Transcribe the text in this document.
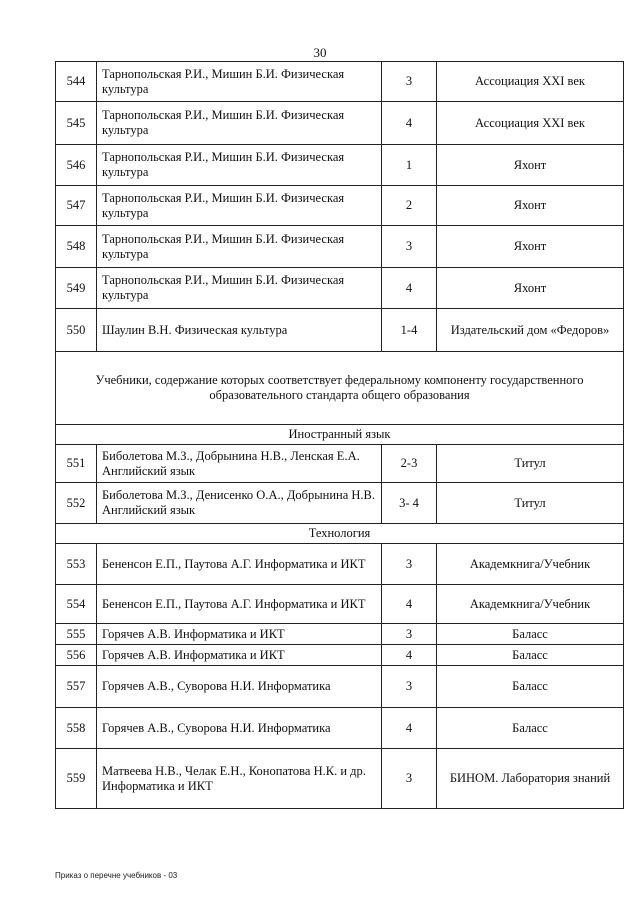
30
544	Тарнопольская Р.И., Мишин Б.И. Физическая культура	3	Ассоциация XXI век
545	Тарнопольская Р.И., Мишин Б.И. Физическая культура	4	Ассоциация XXI век
546	Тарнопольская Р.И., Мишин Б.И. Физическая культура	1	Яхонт
547	Тарнопольская Р.И., Мишин Б.И. Физическая культура	2	Яхонт
548	Тарнопольская Р.И., Мишин Б.И. Физическая культура	3	Яхонт
549	Тарнопольская Р.И., Мишин Б.И. Физическая культура	4	Яхонт
550	Шаулин В.Н. Физическая культура	1-4	Издательский дом «Федоров»
Учебники, содержание которых соответствует федеральному компоненту государственного образовательного стандарта общего образования			
Иностранный язык			
551	Биболетова М.З., Добрынина Н.В., Ленская Е.А. Английский язык	2-3	Титул
552	Биболетова М.З., Денисенко О.А., Добрынина Н.В. Английский язык	3- 4	Титул
Технология			
553	Бененсон Е.П., Паутова А.Г. Информатика и ИКТ	3	Академкнига/Учебник
554	Бененсон Е.П., Паутова А.Г. Информатика и ИКТ	4	Академкнига/Учебник
555	Горячев А.В. Информатика и ИКТ	3	Баласс
556	Горячев А.В. Информатика и ИКТ	4	Баласс
557	Горячев А.В., Суворова Н.И. Информатика	3	Баласс
558	Горячев А.В., Суворова Н.И. Информатика	4	Баласс
559	Матвеева Н.В., Челак Е.Н., Конопатова Н.К. и др. Информатика и ИКТ	3	БИНОМ. Лаборатория знаний
Приказ о перечне учебников - 03
